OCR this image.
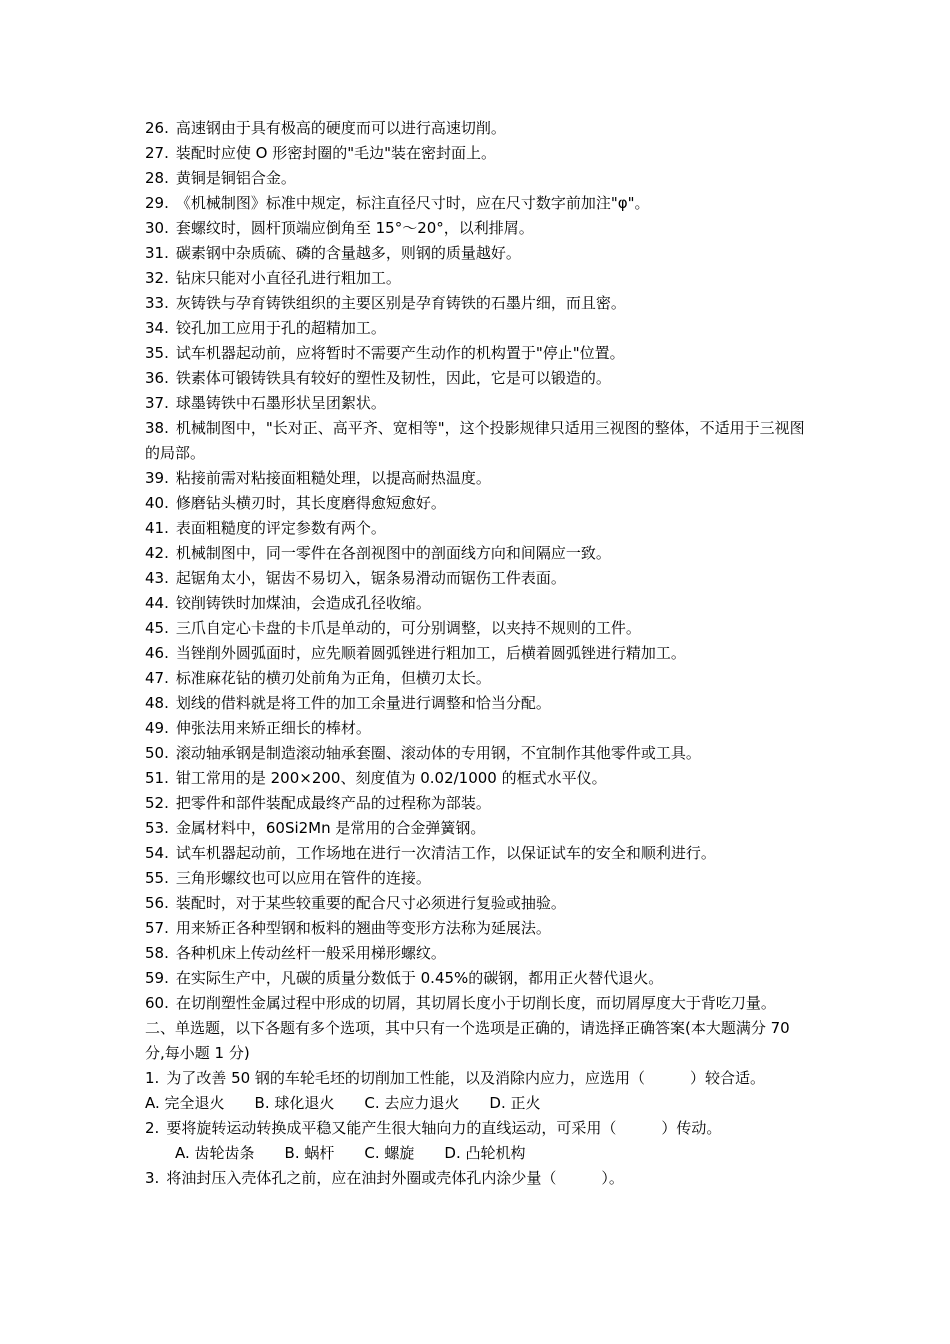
26. 高速钢由于具有极高的硬度而可以进行高速切削。
27. 装配时应使 O 形密封圈的"毛边"装在密封面上。
28. 黄铜是铜铝合金。
29. 《机械制图》标准中规定，标注直径尺寸时，应在尺寸数字前加注"φ"。
30. 套螺纹时，圆杆顶端应倒角至 15°～20°，以利排屑。
31. 碳素钢中杂质硫、磷的含量越多，则钢的质量越好。
32. 钻床只能对小直径孔进行粗加工。
33. 灰铸铁与孕育铸铁组织的主要区别是孕育铸铁的石墨片细，而且密。
34. 铰孔加工应用于孔的超精加工。
35. 试车机器起动前，应将暂时不需要产生动作的机构置于"停止"位置。
36. 铁素体可锻铸铁具有较好的塑性及韧性，因此，它是可以锻造的。
37. 球墨铸铁中石墨形状呈团絮状。
38. 机械制图中，"长对正、高平齐、宽相等"，这个投影规律只适用三视图的整体，不适用于三视图的局部。
39. 粘接前需对粘接面粗糙处理，以提高耐热温度。
40. 修磨钻头横刃时，其长度磨得愈短愈好。
41. 表面粗糙度的评定参数有两个。
42. 机械制图中，同一零件在各剖视图中的剖面线方向和间隔应一致。
43. 起锯角太小，锯齿不易切入，锯条易滑动而锯伤工件表面。
44. 铰削铸铁时加煤油，会造成孔径收缩。
45. 三爪自定心卡盘的卡爪是单动的，可分别调整，以夹持不规则的工件。
46. 当锉削外圆弧面时，应先顺着圆弧锉进行粗加工，后横着圆弧锉进行精加工。
47. 标准麻花钻的横刃处前角为正角，但横刃太长。
48. 划线的借料就是将工件的加工余量进行调整和恰当分配。
49. 伸张法用来矫正细长的棒材。
50. 滚动轴承钢是制造滚动轴承套圈、滚动体的专用钢，不宜制作其他零件或工具。
51. 钳工常用的是 200×200、刻度值为 0.02/1000 的框式水平仪。
52. 把零件和部件装配成最终产品的过程称为部装。
53. 金属材料中，60Si2Mn 是常用的合金弹簧钢。
54. 试车机器起动前，工作场地在进行一次清洁工作，以保证试车的安全和顺利进行。
55. 三角形螺纹也可以应用在管件的连接。
56. 装配时，对于某些较重要的配合尺寸必须进行复验或抽验。
57. 用来矫正各种型钢和板料的翘曲等变形方法称为延展法。
58. 各种机床上传动丝杆一般采用梯形螺纹。
59. 在实际生产中，凡碳的质量分数低于 0.45%的碳钢，都用正火替代退火。
60. 在切削塑性金属过程中形成的切屑，其切屑长度小于切削长度，而切屑厚度大于背吃刀量。
二、单选题，以下各题有多个选项，其中只有一个选项是正确的，请选择正确答案(本大题满分 70 分,每小题 1 分)
1. 为了改善 50 钢的车轮毛坯的切削加工性能，以及消除内应力，应选用（　　　）较合适。
A. 完全退火 B. 球化退火 C. 去应力退火 D. 正火
2. 要将旋转运动转换成平稳又能产生很大轴向力的直线运动，可采用（　　　）传动。
A. 齿轮齿条 B. 蜗杆 C. 螺旋 D. 凸轮机构
3. 将油封压入壳体孔之前，应在油封外圈或壳体孔内涂少量（　　　）。
